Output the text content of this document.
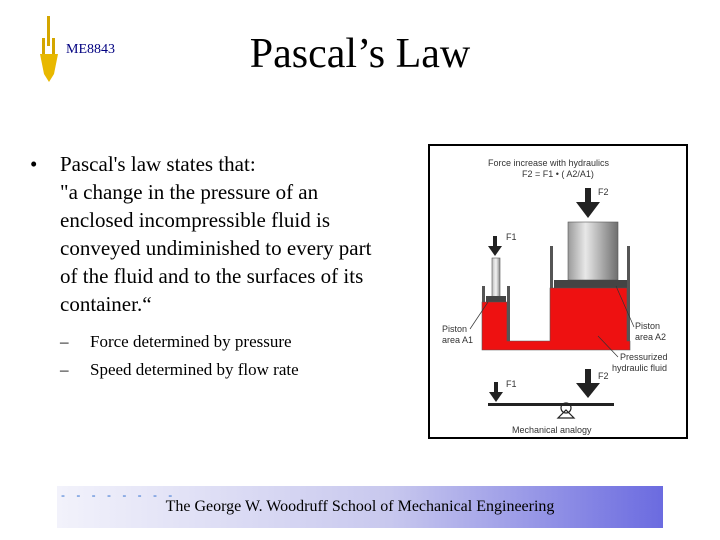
ME8843	Pascal’s Law
• Pascal's law states that:
"a change in the pressure of an
enclosed incompressible fluid is
conveyed undiminished to every part
of the fluid and to the surfaces of its
container.“
– Force determined by pressure
– Speed determined by flow rate
Force increase with hydraulics
F2 = F1 • ( A2/A1)
F2
F1
Piston
area A1
Piston
area A2
Pressurized
hydraulic fluid
F1
F2
Mechanical analogy
- - - - - - - -
The George W. Woodruff School of Mechanical Engineering
